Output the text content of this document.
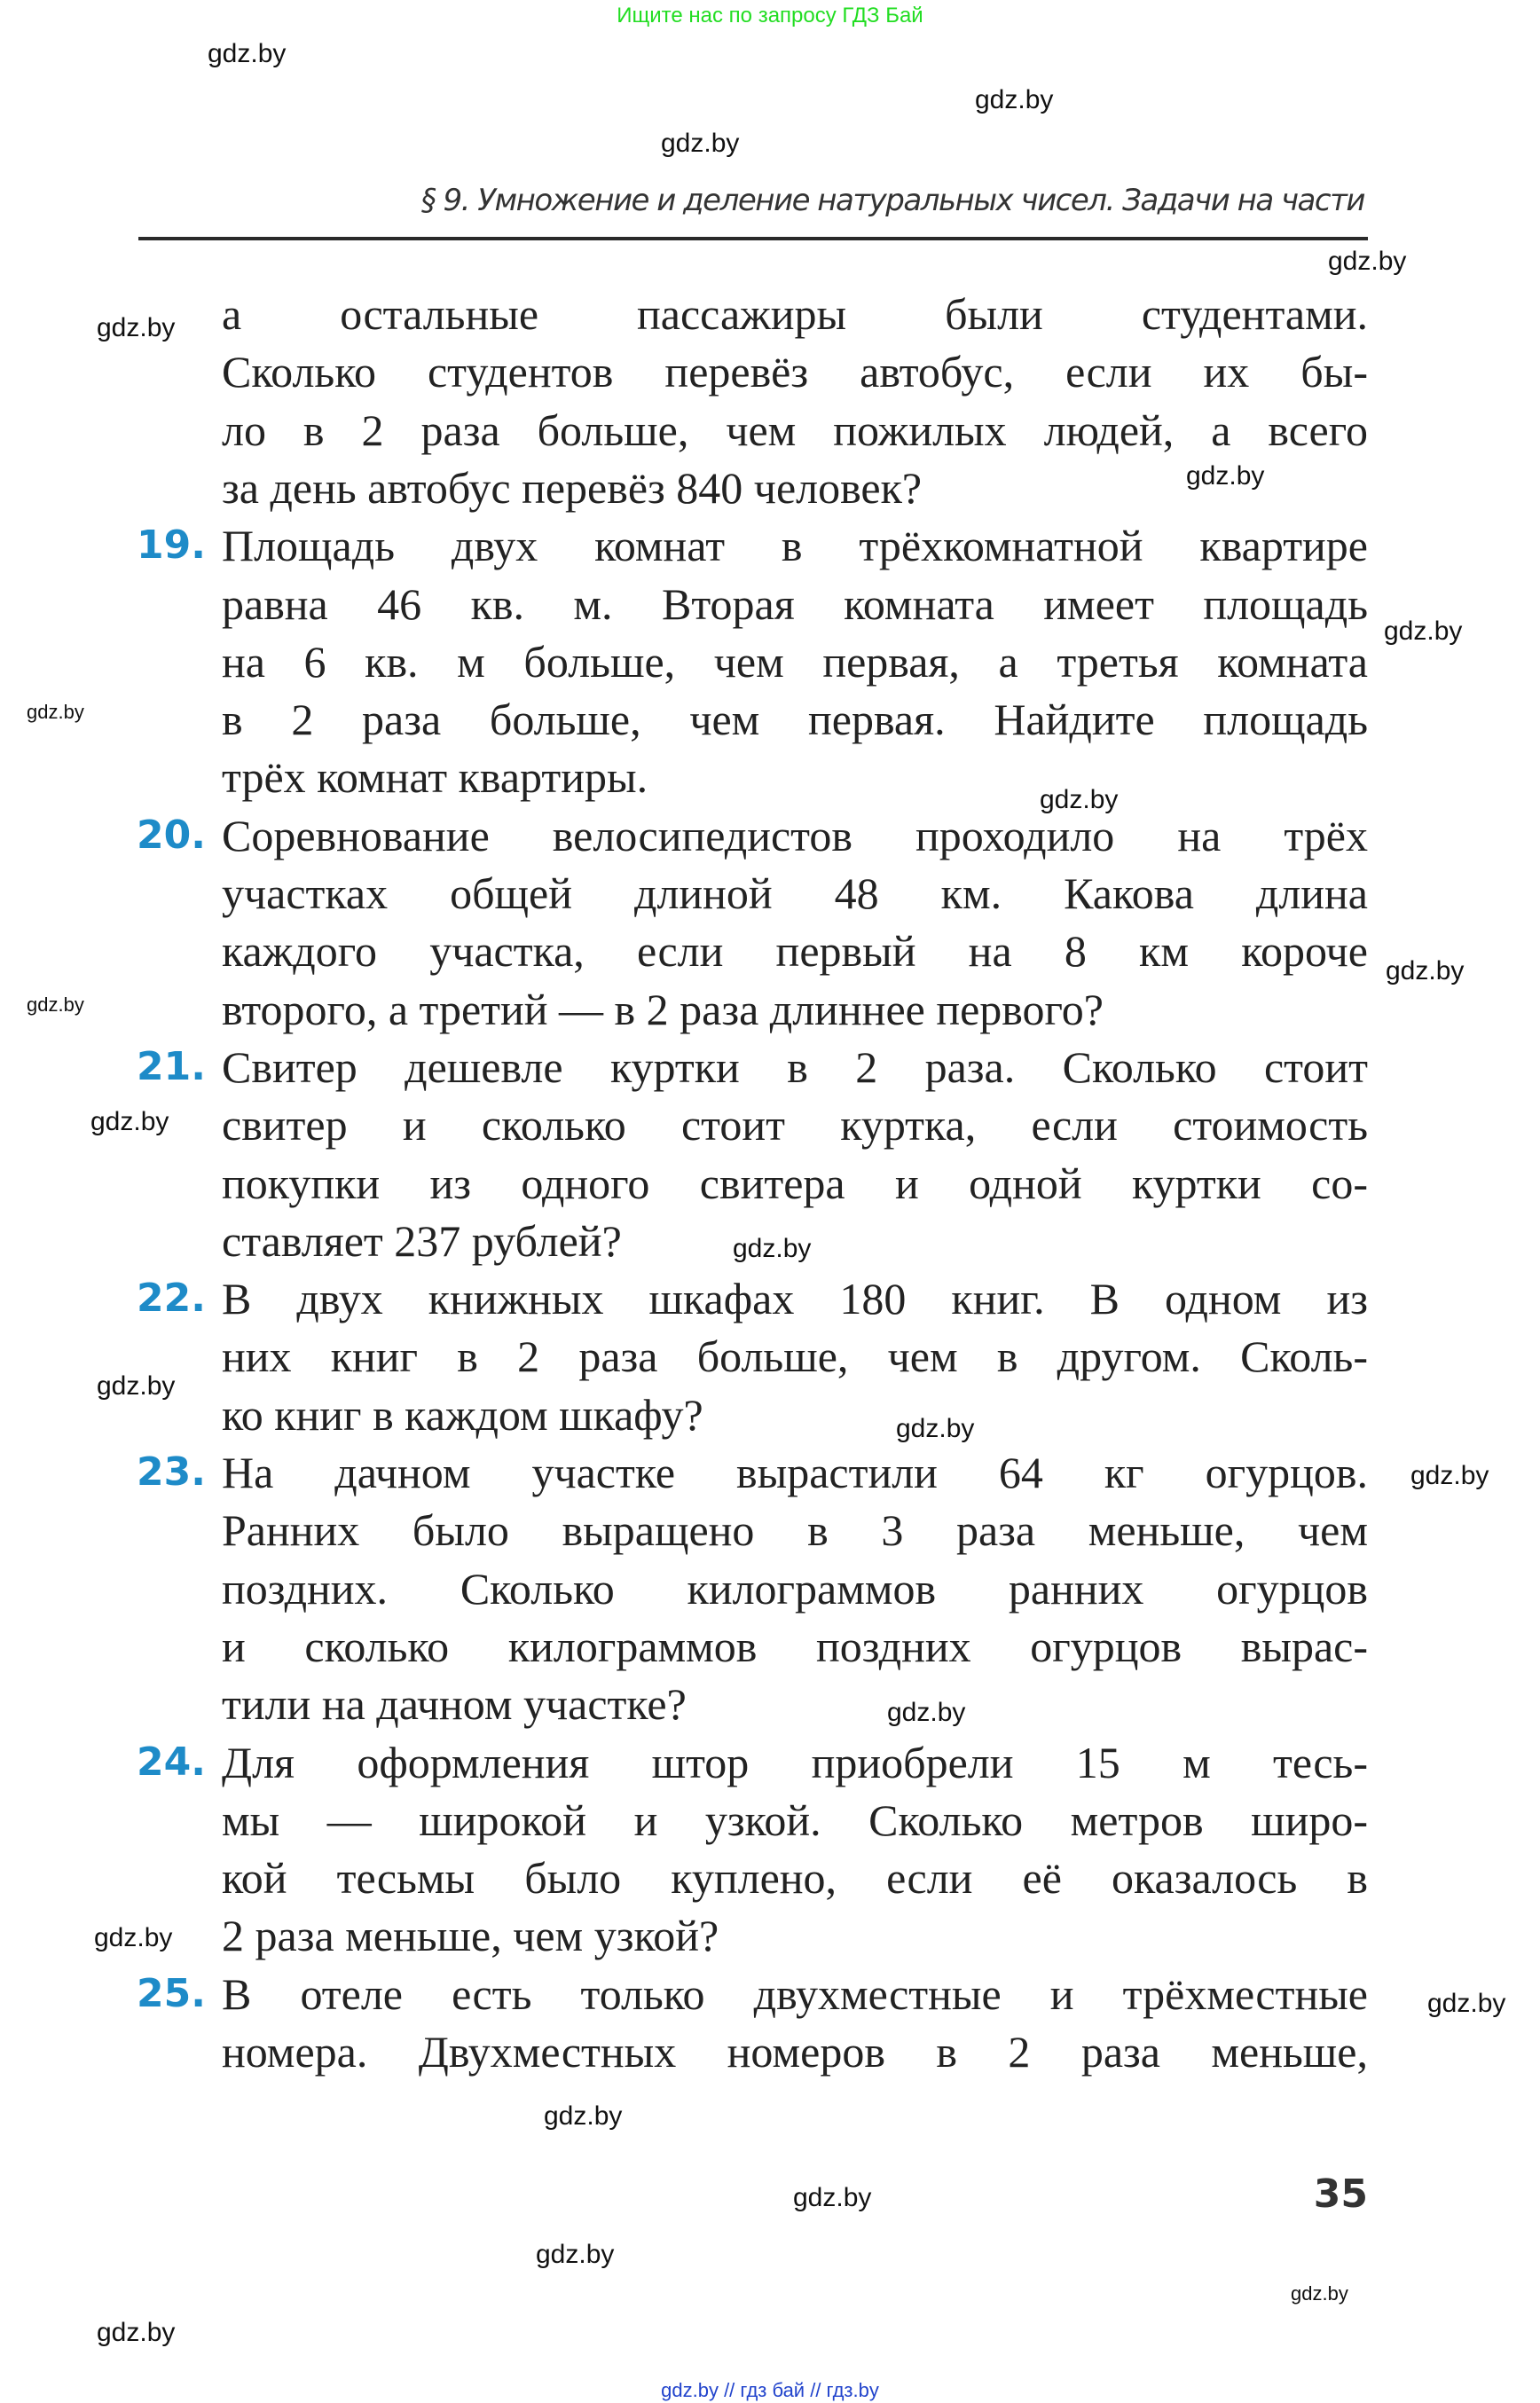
Ищите нас по запросу ГДЗ Бай
§ 9. Умножение и деление натуральных чисел. Задачи на части
а остальные пассажиры были студентами.
Сколько студентов перевёз автобус, если их бы-
ло в 2 раза больше, чем пожилых людей, а всего
за день автобус перевёз 840 человек?
19. Площадь двух комнат в трёхкомнатной квартире
равна 46 кв. м. Вторая комната имеет площадь
на 6 кв. м больше, чем первая, а третья комната
в 2 раза больше, чем первая. Найдите площадь
трёх комнат квартиры.
20. Соревнование велосипедистов проходило на трёх
участках общей длиной 48 км. Какова длина
каждого участка, если первый на 8 км короче
второго, а третий — в 2 раза длиннее первого?
21. Свитер дешевле куртки в 2 раза. Сколько стоит
свитер и сколько стоит куртка, если стоимость
покупки из одного свитера и одной куртки со-
ставляет 237 рублей?
22. В двух книжных шкафах 180 книг. В одном из
них книг в 2 раза больше, чем в другом. Сколь-
ко книг в каждом шкафу?
23. На дачном участке вырастили 64 кг огурцов.
Ранних было выращено в 3 раза меньше, чем
поздних. Сколько килограммов ранних огурцов
и сколько килограммов поздних огурцов вырас-
тили на дачном участке?
24. Для оформления штор приобрели 15 м тесь-
мы — широкой и узкой. Сколько метров широ-
кой тесьмы было куплено, если её оказалось в
2 раза меньше, чем узкой?
25. В отеле есть только двухместные и трёхместные
номера. Двухместных номеров в 2 раза меньше,
gdz.by
gdz.by
gdz.by
gdz.by
gdz.by
gdz.by
gdz.by
gdz.by
gdz.by
gdz.by
gdz.by
gdz.by
gdz.by
gdz.by
gdz.by
gdz.by
gdz.by
gdz.by
gdz.by
gdz.by
gdz.by
gdz.by
gdz.by
gdz.by
35
gdz.by // гдз бай // гдз.by
